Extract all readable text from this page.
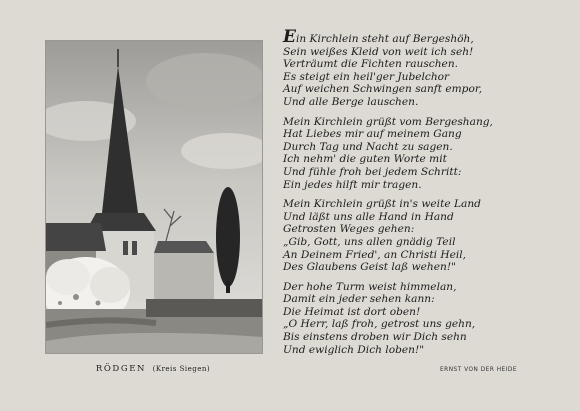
RÖDGEN (Kreis Siegen)
Ein Kirchlein steht auf Bergeshöh,
Sein weißes Kleid von weit ich seh!
Verträumt die Fichten rauschen.
Es steigt ein heil'ger Jubelchor
Auf weichen Schwingen sanft empor,
Und alle Berge lauschen.
Mein Kirchlein grüßt vom Bergeshang,
Hat Liebes mir auf meinem Gang
Durch Tag und Nacht zu sagen.
Ich nehm' die guten Worte mit
Und fühle froh bei jedem Schritt:
Ein jedes hilft mir tragen.
Mein Kirchlein grüßt in's weite Land
Und läßt uns alle Hand in Hand
Getrosten Weges gehen:
„Gib, Gott, uns allen gnädig Teil
An Deinem Fried', an Christi Heil,
Des Glaubens Geist laß wehen!"
Der hohe Turm weist himmelan,
Damit ein jeder sehen kann:
Die Heimat ist dort oben!
„O Herr, laß froh, getrost uns gehn,
Bis einstens droben wir Dich sehn
Und ewiglich Dich loben!"
ERNST VON DER HEIDE
